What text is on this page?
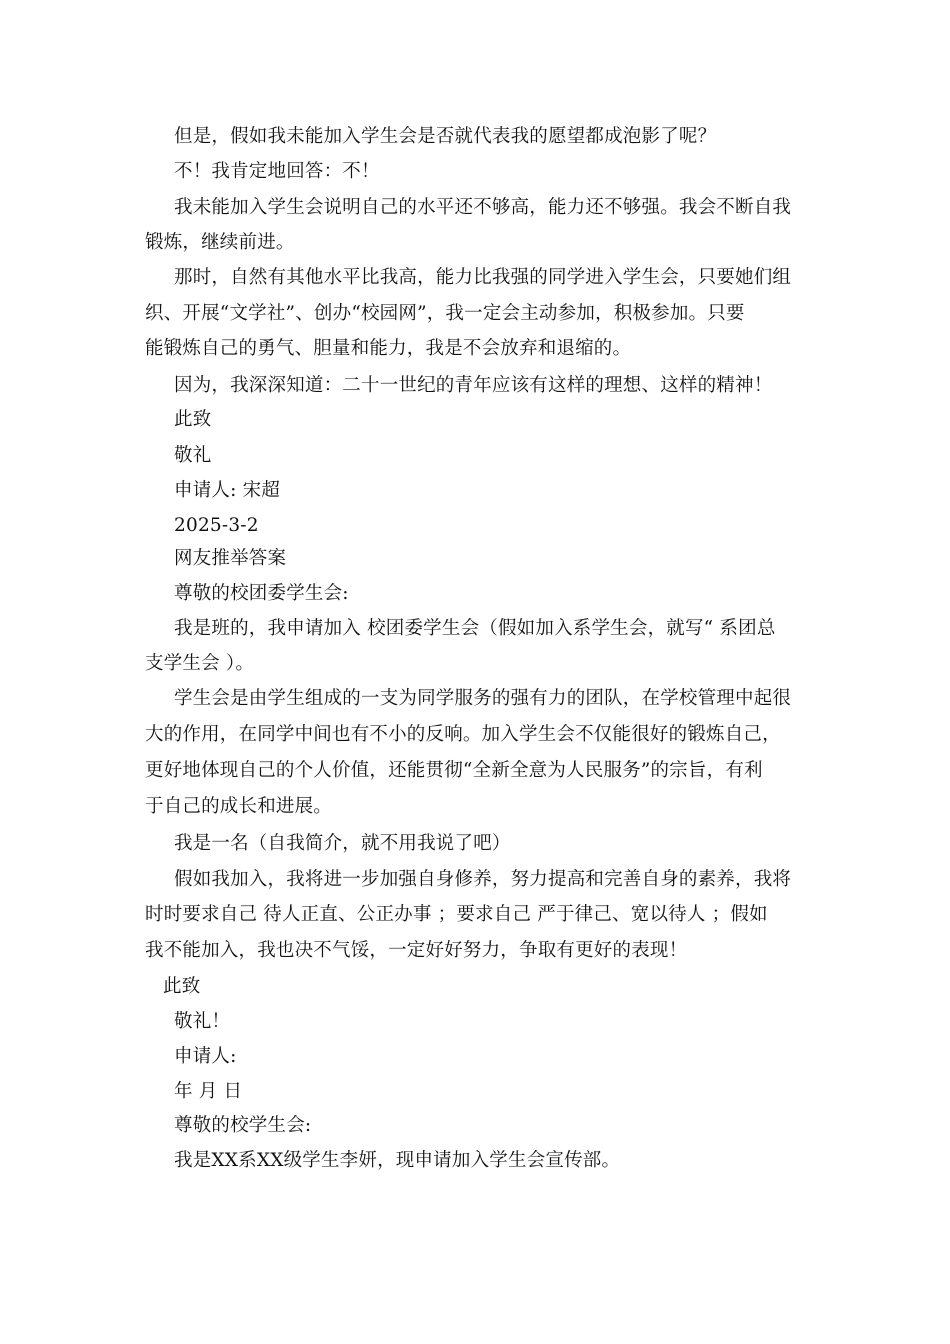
但是，假如我未能加入学生会是否就代表我的愿望都成泡影了呢？
不！我肯定地回答：不！
我未能加入学生会说明自己的水平还不够高，能力还不够强。我会不断自我
锻炼，继续前进。
那时，自然有其他水平比我高，能力比我强的同学进入学生会，只要她们组
织、开展“文学社”、创办“校园网”，我一定会主动参加，积极参加。只要
能锻炼自己的勇气、胆量和能力，我是不会放弃和退缩的。
因为，我深深知道：二十一世纪的青年应该有这样的理想、这样的精神！
此致
敬礼
申请人: 宋超
2025-3-2
网友推举答案
尊敬的校团委学生会:
我是班的，我申请加入 校团委学生会（假如加入系学生会，就写“ 系团总
支学生会 ）。
学生会是由学生组成的一支为同学服务的强有力的团队，在学校管理中起很
大的作用，在同学中间也有不小的反响。加入学生会不仅能很好的锻炼自己，
更好地体现自己的个人价值，还能贯彻“全新全意为人民服务”的宗旨，有利
于自己的成长和进展。
我是一名（自我简介，就不用我说了吧）
假如我加入，我将进一步加强自身修养，努力提高和完善自身的素养，我将
时时要求自己 待人正直、公正办事 ；要求自己 严于律己、宽以待人 ；假如
我不能加入，我也决不气馁，一定好好努力，争取有更好的表现！
此致
敬礼！
申请人:
年 月 日
尊敬的校学生会:
我是XX系XX级学生李妍，现申请加入学生会宣传部。
